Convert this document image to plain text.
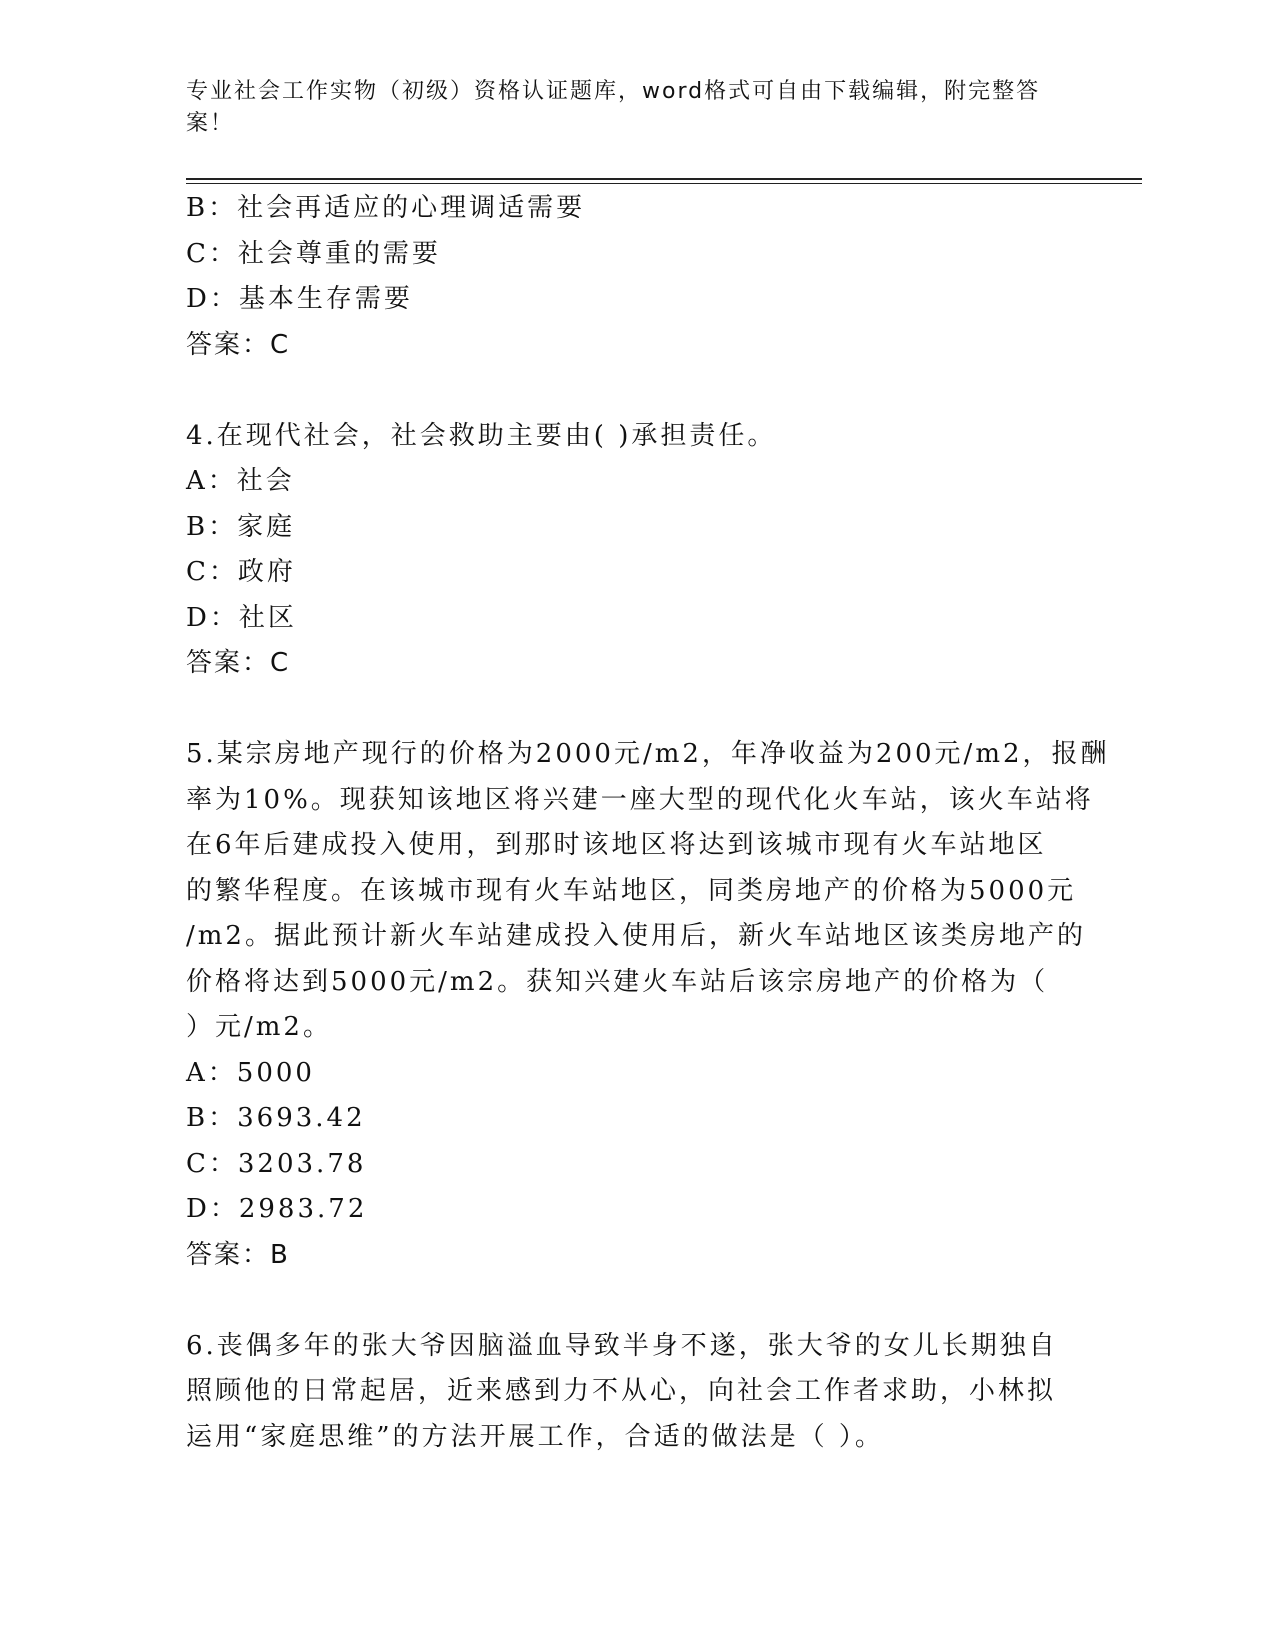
专业社会工作实物（初级）资格认证题库，word格式可自由下载编辑，附完整答
案！
B：社会再适应的心理调适需要
C：社会尊重的需要
D：基本生存需要
答案：C
4.在现代社会，社会救助主要由( )承担责任。
A：社会
B：家庭
C：政府
D：社区
答案：C
5.某宗房地产现行的价格为2000元/m2，年净收益为200元/m2，报酬
率为10%。现获知该地区将兴建一座大型的现代化火车站，该火车站将
在6年后建成投入使用，到那时该地区将达到该城市现有火车站地区
的繁华程度。在该城市现有火车站地区，同类房地产的价格为5000元
/m2。据此预计新火车站建成投入使用后，新火车站地区该类房地产的
价格将达到5000元/m2。获知兴建火车站后该宗房地产的价格为（
）元/m2。
A：5000
B：3693.42
C：3203.78
D：2983.72
答案：B
6.丧偶多年的张大爷因脑溢血导致半身不遂，张大爷的女儿长期独自
照顾他的日常起居，近来感到力不从心，向社会工作者求助，小林拟
运用“家庭思维”的方法开展工作，合适的做法是（ ）。
